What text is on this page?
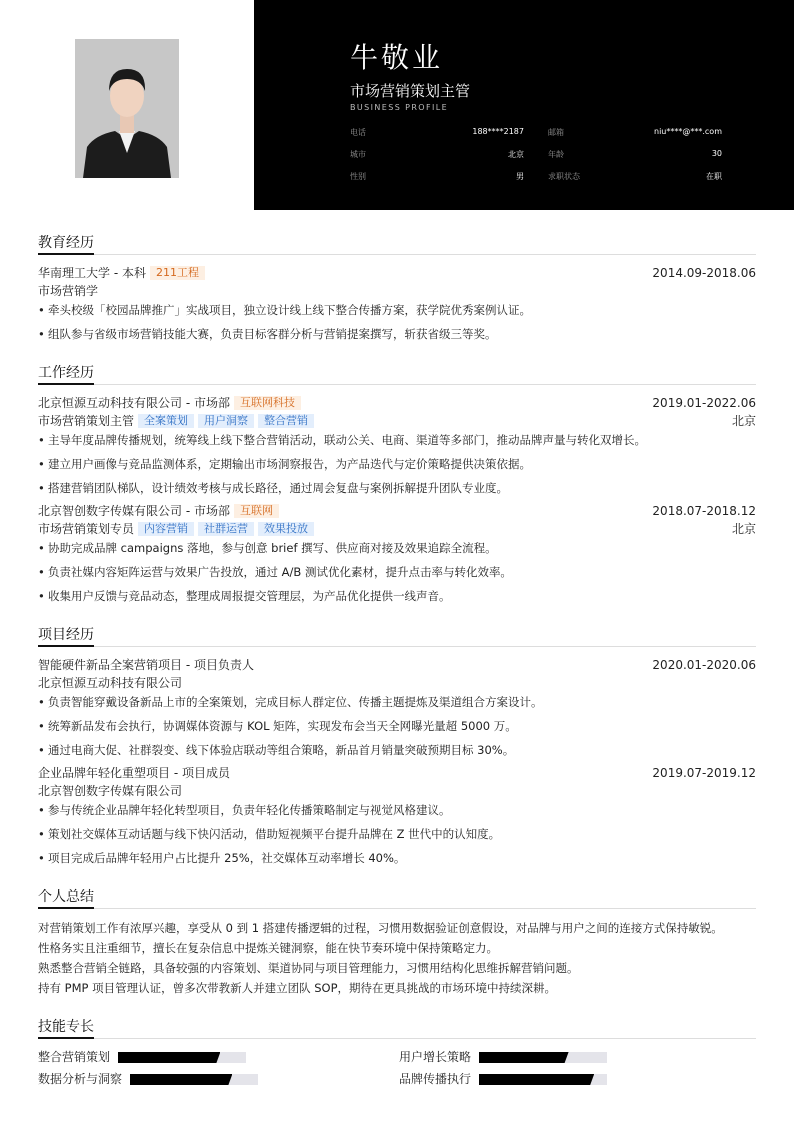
牛敬业
市场营销策划主管
BUSINESS PROFILE
电话	188****2187	邮箱	niu****@***.com
城市	北京	年龄	30
性别	男	求职状态	在职
教育经历
华南理工大学 - 本科 211工程	2014.09-2018.06
市场营销学
• 牵头校级「校园品牌推广」实战项目，独立设计线上线下整合传播方案，获学院优秀案例认证。
• 组队参与省级市场营销技能大赛，负责目标客群分析与营销提案撰写，斩获省级三等奖。
工作经历
北京恒源互动科技有限公司 - 市场部 互联网科技	2019.01-2022.06
市场营销策划主管 全案策划 用户洞察 整合营销	北京
• 主导年度品牌传播规划，统筹线上线下整合营销活动，联动公关、电商、渠道等多部门，推动品牌声量与转化双增长。
• 建立用户画像与竞品监测体系，定期输出市场洞察报告，为产品迭代与定价策略提供决策依据。
• 搭建营销团队梯队，设计绩效考核与成长路径，通过周会复盘与案例拆解提升团队专业度。
北京智创数字传媒有限公司 - 市场部 互联网	2018.07-2018.12
市场营销策划专员 内容营销 社群运营 效果投放	北京
• 协助完成品牌 campaigns 落地，参与创意 brief 撰写、供应商对接及效果追踪全流程。
• 负责社媒内容矩阵运营与效果广告投放，通过 A/B 测试优化素材，提升点击率与转化效率。
• 收集用户反馈与竞品动态，整理成周报提交管理层，为产品优化提供一线声音。
项目经历
智能硬件新品全案营销项目 - 项目负责人	2020.01-2020.06
北京恒源互动科技有限公司
• 负责智能穿戴设备新品上市的全案策划，完成目标人群定位、传播主题提炼及渠道组合方案设计。
• 统筹新品发布会执行，协调媒体资源与 KOL 矩阵，实现发布会当天全网曝光量超 5000 万。
• 通过电商大促、社群裂变、线下体验店联动等组合策略，新品首月销量突破预期目标 30%。
企业品牌年轻化重塑项目 - 项目成员	2019.07-2019.12
北京智创数字传媒有限公司
• 参与传统企业品牌年轻化转型项目，负责年轻化传播策略制定与视觉风格建议。
• 策划社交媒体互动话题与线下快闪活动，借助短视频平台提升品牌在 Z 世代中的认知度。
• 项目完成后品牌年轻用户占比提升 25%，社交媒体互动率增长 40%。
个人总结
对营销策划工作有浓厚兴趣，享受从 0 到 1 搭建传播逻辑的过程，习惯用数据验证创意假设，对品牌与用户之间的连接方式保持敏锐。
性格务实且注重细节，擅长在复杂信息中提炼关键洞察，能在快节奏环境中保持策略定力。
熟悉整合营销全链路，具备较强的内容策划、渠道协同与项目管理能力，习惯用结构化思维拆解营销问题。
持有 PMP 项目管理认证，曾多次带教新人并建立团队 SOP，期待在更具挑战的市场环境中持续深耕。
技能专长
整合营销策划	用户增长策略
数据分析与洞察	品牌传播执行
